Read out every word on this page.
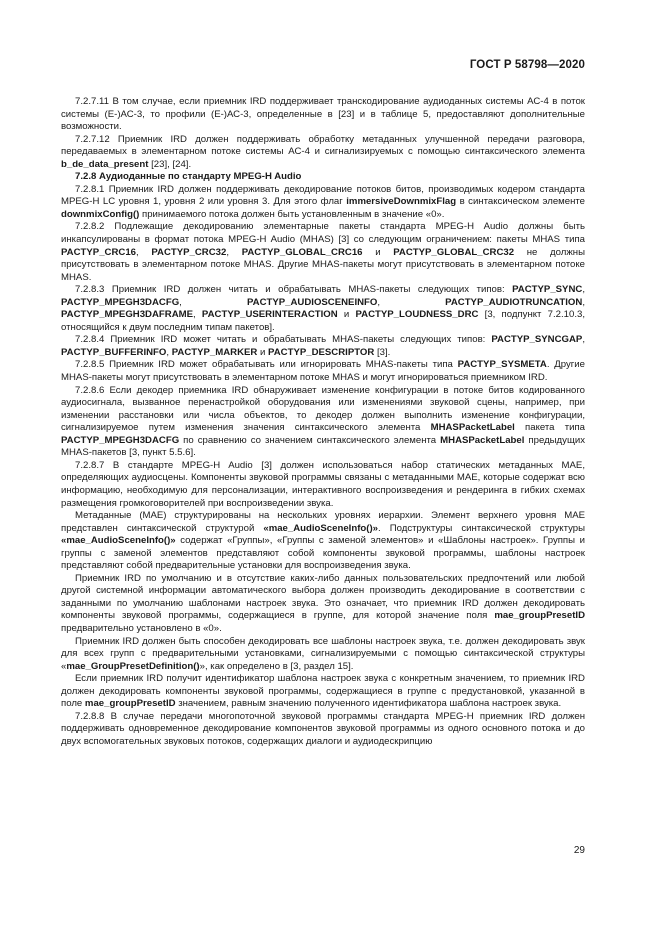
ГОСТ Р 58798—2020

7.2.7.11 В том случае, если приемник IRD поддерживает транскодирование аудиоданных системы АС-4 в поток системы (Е-)АС-3, то профили (Е-)АС-3, определенные в [23] и в таблице 5, предоставляют дополнительные возможности.

7.2.7.12 Приемник IRD должен поддерживать обработку метаданных улучшенной передачи разговора, передаваемых в элементарном потоке системы АС-4 и сигнализируемых с помощью синтаксического элемента b_de_data_present [23], [24].

7.2.8 Аудиоданные по стандарту MPEG-H Audio

7.2.8.1 Приемник IRD должен поддерживать декодирование потоков битов, производимых кодером стандарта MPEG-H LC уровня 1, уровня 2 или уровня 3. Для этого флаг immersiveDownmixFlag в синтаксическом элементе downmixConfig() принимаемого потока должен быть установленным в значение «0».

7.2.8.2 Подлежащие декодированию элементарные пакеты стандарта MPEG-H Audio должны быть инкапсулированы в формат потока MPEG-H Audio (MHAS) [3] со следующим ограничением: пакеты MHAS типа PACTYP_CRC16, PACTYP_CRC32, PACTYP_GLOBAL_CRC16 и PACTYP_GLOBAL_CRC32 не должны присутствовать в элементарном потоке MHAS. Другие MHAS-пакеты могут присутствовать в элементарном потоке MHAS.

7.2.8.3 Приемник IRD должен читать и обрабатывать MHAS-пакеты следующих типов: PACTYP_SYNC, PACTYP_MPEGH3DACFG, PACTYP_AUDIOSCENEINFO, PACTYP_AUDIOTRUNCATION, PACTYP_MPEGH3DAFRAME, PACTYP_USERINTERACTION и PACTYP_LOUDNESS_DRC [3, подпункт 7.2.10.3, относящийся к двум последним типам пакетов].

7.2.8.4 Приемник IRD может читать и обрабатывать MHAS-пакеты следующих типов: PACTYP_SYNCGAP, PACTYP_BUFFERINFO, PACTYP_MARKER и PACTYP_DESCRIPTOR [3].

7.2.8.5 Приемник IRD может обрабатывать или игнорировать MHAS-пакеты типа PACTYP_SYSMETA. Другие MHAS-пакеты могут присутствовать в элементарном потоке MHAS и могут игнорироваться приемником IRD.

7.2.8.6 Если декодер приемника IRD обнаруживает изменение конфигурации в потоке битов кодированного аудиосигнала, вызванное перенастройкой оборудования или изменениями звуковой сцены, например, при изменении расстановки или числа объектов, то декодер должен выполнить изменение конфигурации, сигнализируемое путем изменения значения синтаксического элемента MHASPacketLabel пакета типа PACTYP_MPEGH3DACFG по сравнению со значением синтаксического элемента MHASPacketLabel предыдущих MHAS-пакетов [3, пункт 5.5.6].

7.2.8.7 В стандарте MPEG-H Audio [3] должен использоваться набор статических метаданных МАЕ, определяющих аудиосцены. Компоненты звуковой программы связаны с метаданными МАЕ, которые содержат всю информацию, необходимую для персонализации, интерактивного воспроизведения и рендеринга в гибких схемах размещения громкоговорителей при воспроизведении звука.

Метаданные (МАЕ) структурированы на нескольких уровнях иерархии. Элемент верхнего уровня МАЕ представлен синтаксической структурой «mae_AudioSceneInfo()». Подструктуры синтаксической структуры «mae_AudioSceneInfo()» содержат «Группы», «Группы с заменой элементов» и «Шаблоны настроек». Группы и группы с заменой элементов представляют собой компоненты звуковой программы, шаблоны настроек представляют собой предварительные установки для воспроизведения звука.

Приемник IRD по умолчанию и в отсутствие каких-либо данных пользовательских предпочтений или любой другой системной информации автоматического выбора должен производить декодирование в соответствии с заданными по умолчанию шаблонами настроек звука. Это означает, что приемник IRD должен декодировать компоненты звуковой программы, содержащиеся в группе, для которой значение поля mae_groupPresetID предварительно установлено в «0».

Приемник IRD должен быть способен декодировать все шаблоны настроек звука, т.е. должен декодировать звук для всех групп с предварительными установками, сигнализируемыми с помощью синтаксической структуры «mae_GroupPresetDefinition()», как определено в [3, раздел 15].

Если приемник IRD получит идентификатор шаблона настроек звука с конкретным значением, то приемник IRD должен декодировать компоненты звуковой программы, содержащиеся в группе с предустановкой, указанной в поле mae_groupPresetID значением, равным значению полученного идентификатора шаблона настроек звука.

7.2.8.8 В случае передачи многопоточной звуковой программы стандарта MPEG-H приемник IRD должен поддерживать одновременное декодирование компонентов звуковой программы из одного основного потока и до двух вспомогательных звуковых потоков, содержащих диалоги и аудиодескрипцию

29
